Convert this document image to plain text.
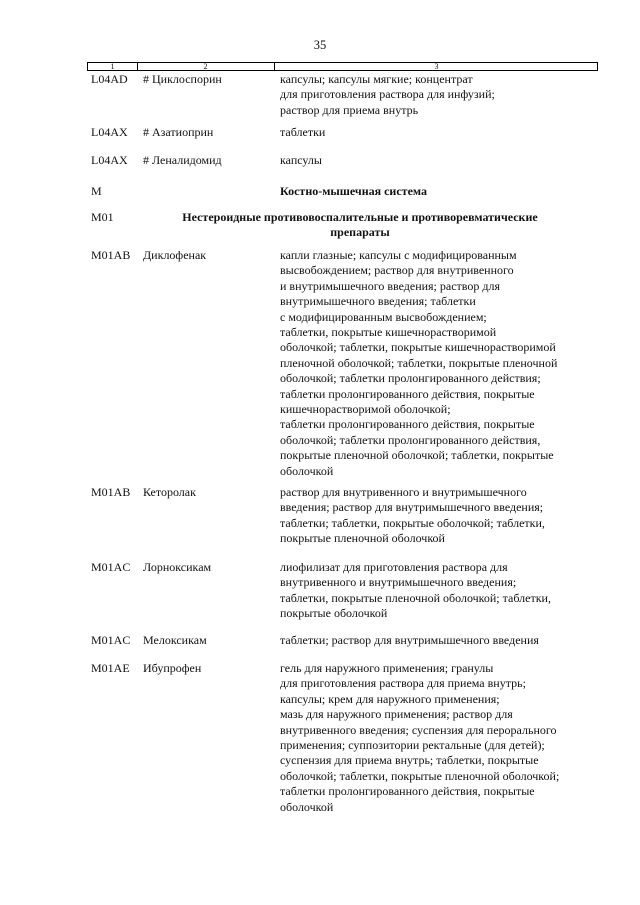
35
1	2	3
L04AD # Циклоспорин	капсулы; капсулы мягкие; концентрат
для приготовления раствора для инфузий;
раствор для приема внутрь
L04AX # Азатиоприн	таблетки
L04AX # Леналидомид	капсулы
M	Костно-мышечная система
M01	Нестероидные противовоспалительные и противоревматические
препараты
M01AB Диклофенак	капли глазные; капсулы с модифицированным
высвобождением; раствор для внутривенного
и внутримышечного введения; раствор для
внутримышечного введения; таблетки
с модифицированным высвобождением;
таблетки, покрытые кишечнорастворимой
оболочкой; таблетки, покрытые кишечнорастворимой
пленочной оболочкой; таблетки, покрытые пленочной
оболочкой; таблетки пролонгированного действия;
таблетки пролонгированного действия, покрытые
кишечнорастворимой оболочкой;
таблетки пролонгированного действия, покрытые
оболочкой; таблетки пролонгированного действия,
покрытые пленочной оболочкой; таблетки, покрытые
оболочкой
M01AB Кеторолак	раствор для внутривенного и внутримышечного
введения; раствор для внутримышечного введения;
таблетки; таблетки, покрытые оболочкой; таблетки,
покрытые пленочной оболочкой
M01AC Лорноксикам	лиофилизат для приготовления раствора для
внутривенного и внутримышечного введения;
таблетки, покрытые пленочной оболочкой; таблетки,
покрытые оболочкой
M01AC Мелоксикам	таблетки; раствор для внутримышечного введения
M01AE Ибупрофен	гель для наружного применения; гранулы
для приготовления раствора для приема внутрь;
капсулы; крем для наружного применения;
мазь для наружного применения; раствор для
внутривенного введения; суспензия для перорального
применения; суппозитории ректальные (для детей);
суспензия для приема внутрь; таблетки, покрытые
оболочкой; таблетки, покрытые пленочной оболочкой;
таблетки пролонгированного действия, покрытые
оболочкой
